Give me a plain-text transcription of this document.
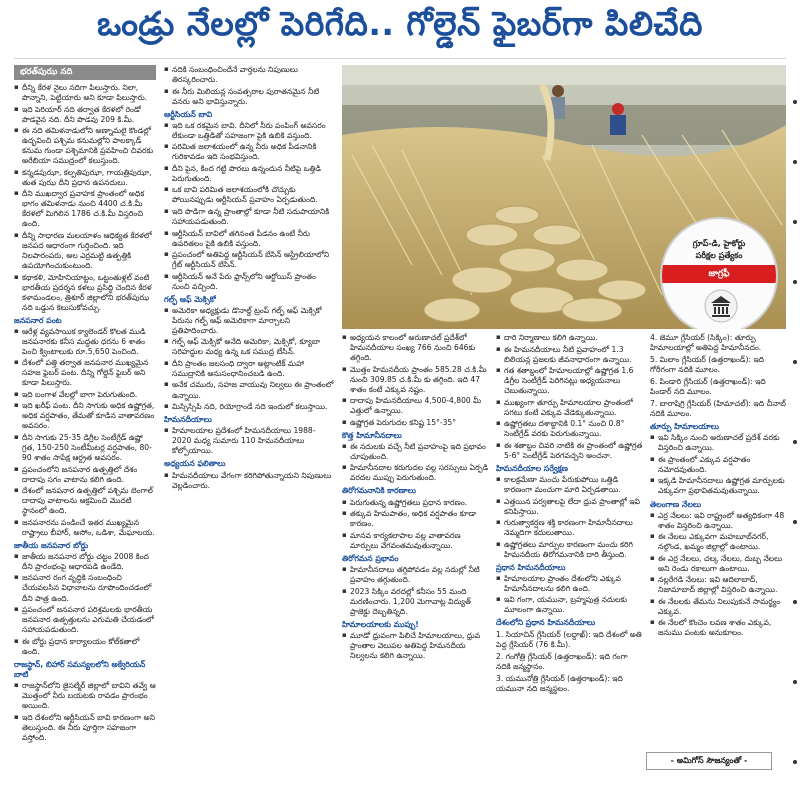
ఒండ్రు నేలల్లో పెరిగేది.. గోల్డెన్ ఫైబర్‌గా పిలిచేది
భరత్‌పుఝ నది
▪ దీన్ని కేరళ నైలు నదిగా పిలుస్తారు. నిలా, పొన్నాని, పెట్టియారు అని కూడా పిలుస్తారు.
▪ ఇది పెరియార్ నది తర్వాత కేరళలో రెండో పొడవైన నది. దీని పొడవు 209 కి.మీ.
▪ ఈ నది తమిళనాడులోని అణ్నామలై కొండల్లో ఉద్భవించి పశ్చిమ కనుమల్లోని పాలక్కాడ్ కనుమ గుండా పశ్చిమానికి ప్రవహించి చివరకు అరేబియా సముద్రంలో కలుస్తుంది.
▪ కన్నడపుఝా, కల్పతిపుఝా, గాయత్రిపుఝా, తుత పుఝ దీని ప్రధాన ఉపనదులు.
▪ దీని ముఖద్వార ప్రవాహక ప్రాంతంలో అధిక భాగం తమిళనాడు నుంచి 4400 చ.కి.మీ కేరళలో మిగిలిన 1786 చ.కి.మీ విస్తరించి ఉంది.
▪ దీన్ని సాధారణ మలయాళం ఆధిక్యత కేరళలో జనపద ఆధారంగా గుర్తించింది. ఇది నిలపారంపరు, అల ఎర్రమట్టి ఉత్పత్తికి ఉపయోగించుకుంటుంది.
▪ కథాకళి, మోహినియాట్టం, ఒట్టంతుళ్లల్ వంటి భారతీయ ప్రదర్శన కళలు ప్రసిద్ధి చెందిన కేరళ కళామండలం, త్రిశూర్ జిల్లాలోని భరత్‌పుఝ నది ఒడ్డున కెలుసుకోవచ్చు.
జనపనార పంట
▪ ఆరేళ్ల వ్యవసాయిక క్యాలెండర్ కొలత ముడి జనపనారకు కనీస మద్దతు ధరను 6 శాతం పెంచి క్వింటాలుకు రూ.5,650 పెంచింది.
▪ దేశంలో పత్తి తర్వాత జనపనార ముఖ్యమైన సహజ ఫైబర్ పంట. దీన్ని గోల్డెన్ ఫైబర్ అని కూడా పిలుస్తారు.
▪ ఇది బంగాళ వేలల్లో బాగా పెరుగుతుంది.
▪ ఇది ఖరీఫ్ పంట. దీని సాగుకు అధిక ఉష్ణోగ్రత, అధిక వర్షపాతం, తేమతో కూడిన వాతావరణం అవసరం.
▪ దీని సాగుకు 25-35 డిగ్రీల సెంటీగ్రేడ్ ఉష్ణో గ్రత, 150-250 సెంటీమీటర్ల వర్షపాతం, 80-90 శాతం సాపేక్ష ఆర్ద్రత అవసరం.
▪ ప్రపంచంలోని జనపనార ఉత్పత్తిలో దేశం దాదాపు సగం వాటాను కలిగి ఉంది.
▪ దేశంలో జనపనార ఉత్పత్తిలో పశ్చిమ బెంగాల్ దాదాపు వాటాలను ఆక్రమించి మొదటి స్థానంలో ఉంది.
▪ జనపనారను పండించే ఇతర ముఖ్యమైన రాష్ట్రాలు బీహార్, అసోం, ఒడిశా, మేఘాలయ.
జాతీయ జనపనార బోర్డు
▪ జాతీయ జనపనార బోర్డు చట్టం 2008 కింద దీని ప్రారంభంపై ఆధారపడి ఉండేది.
▪ జనపనార రంగ వృద్ధికి సంబంధించి చేయవలసిన విధానాలను రూపొందించడంలో దీని పాత్ర ఉంది.
▪ ప్రపంచంలో జనపనార పరిశ్రమలకు భారతీయ జనపనార ఉత్పత్తులను ఎగుమతి చేయడంలో సహాయపడుతుంది.
▪ ఈ బోర్డు ప్రధాన కార్యాలయం కోల్‌కతాలో ఉంది.
రాజస్థాన్, బిహార్ సమస్యలలోని అక్వేరియన్ బాటి
▪ రాజస్థాన్‌లోని జైసల్మేర్ జిల్లాలో బావిని తవ్వే ఆ మొత్తంలో నీరు బయటకు రావడం ప్రారంభం అయింది.
▪ ఇది దేశంలోని ఆర్టీసియన్ బావి కారణంగా అని తెలుస్తుంది. ఈ నీరు పూర్తిగా సహజంగా వస్తోంది.
▪ నదికి సంబంధించిందేనే వార్తలను నిపుణులు తిరస్కరించారు.
▪ ఈ నీరు మిలియన్ల సంవత్సరాల పురాతనమైన నీటి వనరు అని భావిస్తున్నారు.
ఆర్టీసియన్ బావి
▪ ఇది ఒక రకమైన బావి. దీనిలో నీరు పంపింగ్ అవసరం లేకుండా ఒత్తిడితో సహజంగా పైకి ఉబికి వస్తుంది.
▪ పరిమిత జలాశయంలో ఉన్న నీరు అధిక పీడనానికి గురికావడం ఇది సంభవిస్తుంది.
▪ దీని పైన, కింద గట్టి పొరలు ఉన్నందున నీటిపై ఒత్తిడి పెరుగుతుంది.
▪ ఒక బావి పరిమిత జలాశయంలోకి చొచ్చుకు పోయినప్పుడు ఆర్టీసియన్ ప్రవాహం ఏర్పడుతుంది.
▪ ఇది పొడిగా ఉన్న ప్రాంతాల్లో కూడా నీటి సదుపాయానికి సహాయపడుతుంది.
▪ ఆర్టీసియన్ బావిలో తగినంత పీడనం ఉంటే నీరు ఉపరితలం పైకి ఉబికి వస్తుంది.
▪ ప్రపంచంలో అతిపెద్ద ఆర్టీసియన్ బేసిన్ ఆస్ట్రేలియాలోని గ్రేట్ ఆర్టీసియన్ బేసిన్.
▪ ఆర్టీసియన్ అనే పేరు ఫ్రాన్స్‌లోని ఆర్టోయిస్ ప్రాంతం నుంచి వచ్చింది.
గల్ఫ్ ఆఫ్ మెక్సికో
▪ అమెరికా అధ్యక్షుడు డొనాల్డ్ ట్రంప్ గల్ఫ్ ఆఫ్ మెక్సికో పేరును గల్ఫ్ ఆఫ్ అమెరికాగా మార్చాలని ప్రతిపాదించారు.
▪ గల్ఫ్ ఆఫ్ మెక్సికో అనేది అమెరికా, మెక్సికో, క్యూబా సరిహద్దుల మధ్య ఉన్న ఒక సముద్ర బేసిన్.
▪ దీని ప్రాంతం జలసంధి ద్వారా అట్లాంటిక్ మహా సముద్రానికి అనుసంధానించబడి ఉంది.
▪ అనేక చమురు, సహజ వాయువు నిల్వలు ఈ ప్రాంతంలో ఉన్నాయి.
▪ మిస్సిస్సిపి నది, రియోగ్రాండే నది ఇందులో కలుస్తాయి.
హిమనదీయాలు
▪ హిమాలయాల ప్రదేశంలో హిమనదీయాలు 1988-2020 మధ్య సుమారు 110 హిమనదీయాలు కోల్పోయాయి.
అధ్యయన ఫలితాలు
▪ హిమనదీయాలు వేగంగా కరిగిపోతున్నాయని నిపుణులు వెల్లడించారు.
గ్రూప్-డి, హైకోర్టు
పరీక్షల ప్రత్యేకం
జాగ్రఫీ
▪ అధ్యయన కాలంలో అరుణాచల్ ప్రదేశ్‌లో హిమనదీయాల సంఖ్య 766 నుంచి 646కు తగ్గింది.
▪ మొత్తం హిమనదీయ ప్రాంతం 585.28 చ.కి.మీ నుంచి 309.85 చ.కి.మీ కు తగ్గింది. ఇది 47 శాతం కంటే ఎక్కువ నష్టం.
▪ దాదాపు హిమనదీయాలు 4,500-4,800 మీ ఎత్తులో ఉన్నాయి.
▪ ఉష్ణోగ్రత పెరుగుదల కనిష్ట 15°-35°
కొత్త హిమానీనదాలు
▪ ఈ నదులకు వచ్చే నీటి ప్రవాహంపై ఇది ప్రభావం చూపుతుంది.
▪ హిమానీనదాల కరుగుదల వల్ల సరస్సులు ఏర్పడి వరదల ముప్పు పెరుగుతుంది.
తిరోగమనానికి కారణాలు
▪ పెరుగుతున్న ఉష్ణోగ్రతలు ప్రధాన కారణం.
▪ తక్కువ హిమపాతం, అధిక వర్షపాతం కూడా కారణం.
▪ మానవ కార్యకలాపాల వల్ల వాతావరణ మార్పులు వేగవంతమవుతున్నాయి.
తిరోగమన ప్రభావం
▪ హిమానీనదాలు తగ్గిపోవడం వల్ల నదుల్లో నీటి ప్రవాహం తగ్గుతుంది.
▪ 2023 సిక్కిం వరదల్లో కనీసం 55 మంది మరణించారు. 1,200 మెగావాట్ల విద్యుత్ ప్రాజెక్టు దెబ్బతిన్నది.
హిమాలయాలకు ముప్పు!
▪ మూడో ధ్రువంగా పిలిచే హిమాలయాలు, ధ్రువ ప్రాంతాల వెలుపల అతిపెద్ద హిమనదీయ నిల్వలను కలిగి ఉన్నాయి.
▪ దారి నిర్మాణాలు కలిగి ఉన్నాయి.
▪ ఈ హిమనదీయాలు నీటి ప్రవాహంలో 1.3 బిలియన్ల ప్రజలకు జీవనాధారంగా ఉన్నాయి.
▪ గత శతాబ్దంలో హిమాలయాల్లో ఉష్ణోగ్రత 1.6 డిగ్రీల సెంటీగ్రేడ్ పెరిగినట్లు అధ్యయనాలు చెబుతున్నాయి.
▪ ముఖ్యంగా తూర్పు హిమాలయాల ప్రాంతంలో సగటు కంటే ఎక్కువ వేడెక్కుతున్నాయి.
▪ ఉష్ణోగ్రతలు దశాబ్దానికి 0.1° నుంచి 0.8° సెంటీగ్రేడ్ వరకు పెరుగుతున్నాయి.
▪ ఈ శతాబ్దం చివరి నాటికి ఈ ప్రాంతంలో ఉష్ణోగ్రత 5-6° సెంటీగ్రేడ్ పెరగవచ్చని అంచనా.
హిమనదీయాల సర్వేక్షణ
▪ కాలక్రమేణా మంచు పేరుకుపోయి ఒత్తిడి కారణంగా మంచుగా మారి ఏర్పడతాయి.
▪ ఎత్తయిన పర్వతాలపై లేదా ధ్రువ ప్రాంతాల్లో ఇవి కనిపిస్తాయి.
▪ గురుత్వాకర్షణ శక్తి కారణంగా హిమానీనదాలు నెమ్మదిగా కదులుతాయి.
▪ ఉష్ణోగ్రతలు మార్పుల కారణంగా మంచు కరిగి హిమనదీయ తిరోగమనానికి దారి తీస్తుంది.
ప్రధాన హిమనదీయాలు
▪ హిమాలయాల ప్రాంతం దేశంలోని ఎక్కువ హిమానీనదాలను కలిగి ఉంది.
▪ ఇవి గంగా, యమునా, బ్రహ్మపుత్ర నదులకు మూలంగా ఉన్నాయి.
దేశంలోని ప్రధాన హిమనదీయాలు
1. సియాచిన్ గ్లేసియర్ (లద్దాఖ్): ఇది దేశంలో అతి పెద్ద గ్లేసియర్ (76 కి.మీ).
2. గంగోత్రి గ్లేసియర్ (ఉత్తరాఖండ్): ఇది గంగా నదికి జన్మస్థానం.
3. యమునోత్రి గ్లేసియర్ (ఉత్తరాఖండ్): ఇది యమునా నది జన్మస్థలం.
4. జెమూ గ్లేసియర్ (సిక్కిం): తూర్పు హిమాలయాల్లో అతిపెద్ద హిమానీనదం.
5. మిలాం గ్లేసియర్ (ఉత్తరాఖండ్): ఇది గోరీగంగా నదికి మూలం.
6. పిండారి గ్లేసియర్ (ఉత్తరాఖండ్): ఇది పిండార్ నది మూలం.
7. బారాషిగ్రి గ్లేసియర్ (హిమాచల్): ఇది చీనాబ్ నదికి మూలం.
తూర్పు హిమాలయాలు
▪ ఇవి సిక్కిం నుంచి అరుణాచల్ ప్రదేశ్ వరకు విస్తరించి ఉన్నాయి.
▪ ఈ ప్రాంతంలో ఎక్కువ వర్షపాతం నమోదవుతుంది.
▪ ఇక్కడి హిమానీనదాలు ఉష్ణోగ్రత మార్పులకు ఎక్కువగా ప్రభావితమవుతున్నాయి.
తెలంగాణ నేలలు
▪ ఎర్ర నేలలు: ఇవి రాష్ట్రంలో అత్యధికంగా 48 శాతం విస్తరించి ఉన్నాయి.
▪ ఈ నేలలు ఎక్కువగా మహబూబ్‌నగర్, నల్గొండ, ఖమ్మం జిల్లాల్లో ఉంటాయి.
▪ ఈ ఎర్ర నేలలు, చల్క నేలలు, దుబ్బ నేలలు అని రెండు రకాలుగా ఉంటాయి.
▪ నల్లరేగడి నేలలు: ఇవి ఆదిలాబాద్, నిజామాబాద్ జిల్లాల్లో విస్తరించి ఉన్నాయి.
▪ ఈ నేలలకు తేమను నిలుపుకునే సామర్థ్యం ఎక్కువ.
▪ ఈ నేలలో కొంచెం లవణ శాతం ఎక్కువ, జనుము పంటకు అనుకూలం.
- అమిగోస్ సౌజన్యంతో -
